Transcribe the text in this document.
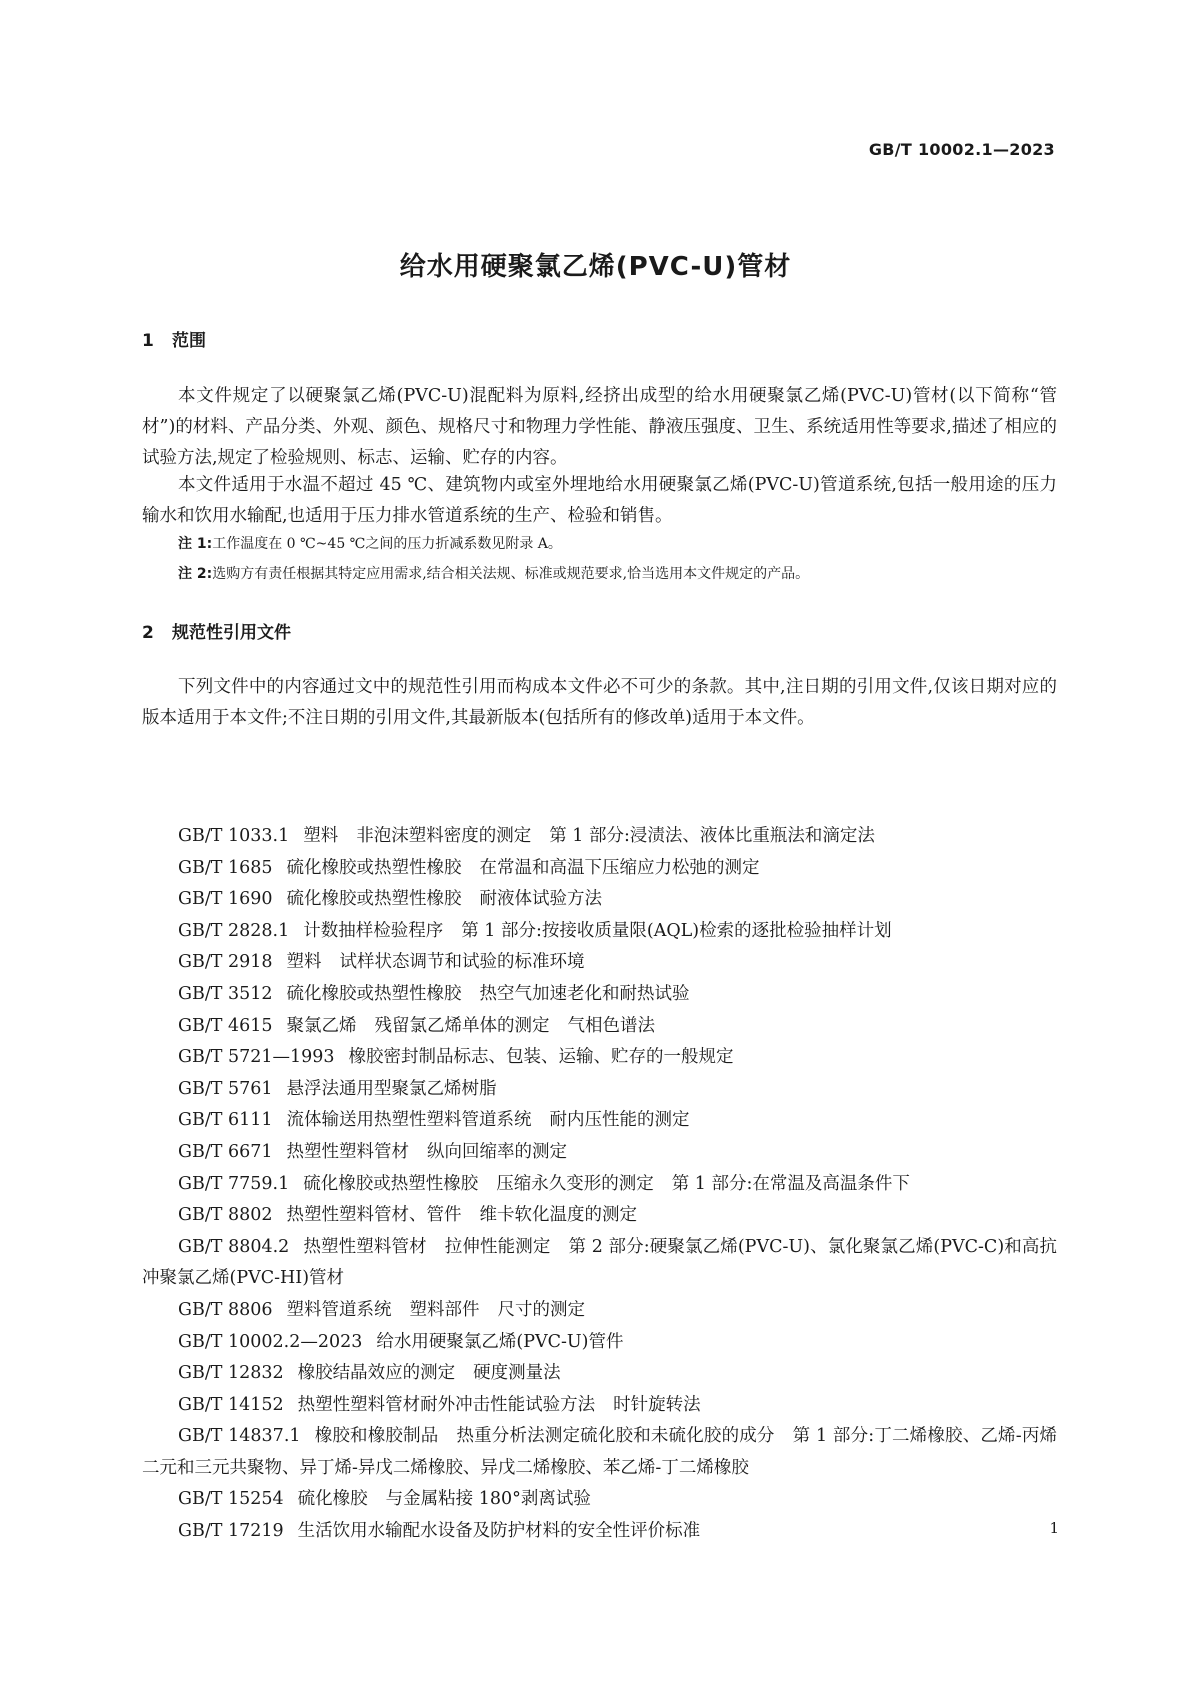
GB/T 10002.1—2023
给水用硬聚氯乙烯(PVC-U)管材
1 范围
本文件规定了以硬聚氯乙烯(PVC-U)混配料为原料,经挤出成型的给水用硬聚氯乙烯(PVC-U)管材(以下简称“管材”)的材料、产品分类、外观、颜色、规格尺寸和物理力学性能、静液压强度、卫生、系统适用性等要求,描述了相应的试验方法,规定了检验规则、标志、运输、贮存的内容。
本文件适用于水温不超过 45 ℃、建筑物内或室外埋地给水用硬聚氯乙烯(PVC-U)管道系统,包括一般用途的压力输水和饮用水输配,也适用于压力排水管道系统的生产、检验和销售。
注 1:工作温度在 0 ℃~45 ℃之间的压力折减系数见附录 A。
注 2:选购方有责任根据其特定应用需求,结合相关法规、标准或规范要求,恰当选用本文件规定的产品。
2 规范性引用文件
下列文件中的内容通过文中的规范性引用而构成本文件必不可少的条款。其中,注日期的引用文件,仅该日期对应的版本适用于本文件;不注日期的引用文件,其最新版本(包括所有的修改单)适用于本文件。
GB/T 1033.1 塑料 非泡沫塑料密度的测定 第 1 部分:浸渍法、液体比重瓶法和滴定法
GB/T 1685 硫化橡胶或热塑性橡胶 在常温和高温下压缩应力松弛的测定
GB/T 1690 硫化橡胶或热塑性橡胶 耐液体试验方法
GB/T 2828.1 计数抽样检验程序 第 1 部分:按接收质量限(AQL)检索的逐批检验抽样计划
GB/T 2918 塑料 试样状态调节和试验的标准环境
GB/T 3512 硫化橡胶或热塑性橡胶 热空气加速老化和耐热试验
GB/T 4615 聚氯乙烯 残留氯乙烯单体的测定 气相色谱法
GB/T 5721—1993 橡胶密封制品标志、包装、运输、贮存的一般规定
GB/T 5761 悬浮法通用型聚氯乙烯树脂
GB/T 6111 流体输送用热塑性塑料管道系统 耐内压性能的测定
GB/T 6671 热塑性塑料管材 纵向回缩率的测定
GB/T 7759.1 硫化橡胶或热塑性橡胶 压缩永久变形的测定 第 1 部分:在常温及高温条件下
GB/T 8802 热塑性塑料管材、管件 维卡软化温度的测定
GB/T 8804.2 热塑性塑料管材 拉伸性能测定 第 2 部分:硬聚氯乙烯(PVC-U)、氯化聚氯乙烯(PVC-C)和高抗冲聚氯乙烯(PVC-HI)管材
GB/T 8806 塑料管道系统 塑料部件 尺寸的测定
GB/T 10002.2—2023 给水用硬聚氯乙烯(PVC-U)管件
GB/T 12832 橡胶结晶效应的测定 硬度测量法
GB/T 14152 热塑性塑料管材耐外冲击性能试验方法 时针旋转法
GB/T 14837.1 橡胶和橡胶制品 热重分析法测定硫化胶和未硫化胶的成分 第 1 部分:丁二烯橡胶、乙烯-丙烯二元和三元共聚物、异丁烯-异戊二烯橡胶、异戊二烯橡胶、苯乙烯-丁二烯橡胶
GB/T 15254 硫化橡胶 与金属粘接 180°剥离试验
GB/T 17219 生活饮用水输配水设备及防护材料的安全性评价标准	1
